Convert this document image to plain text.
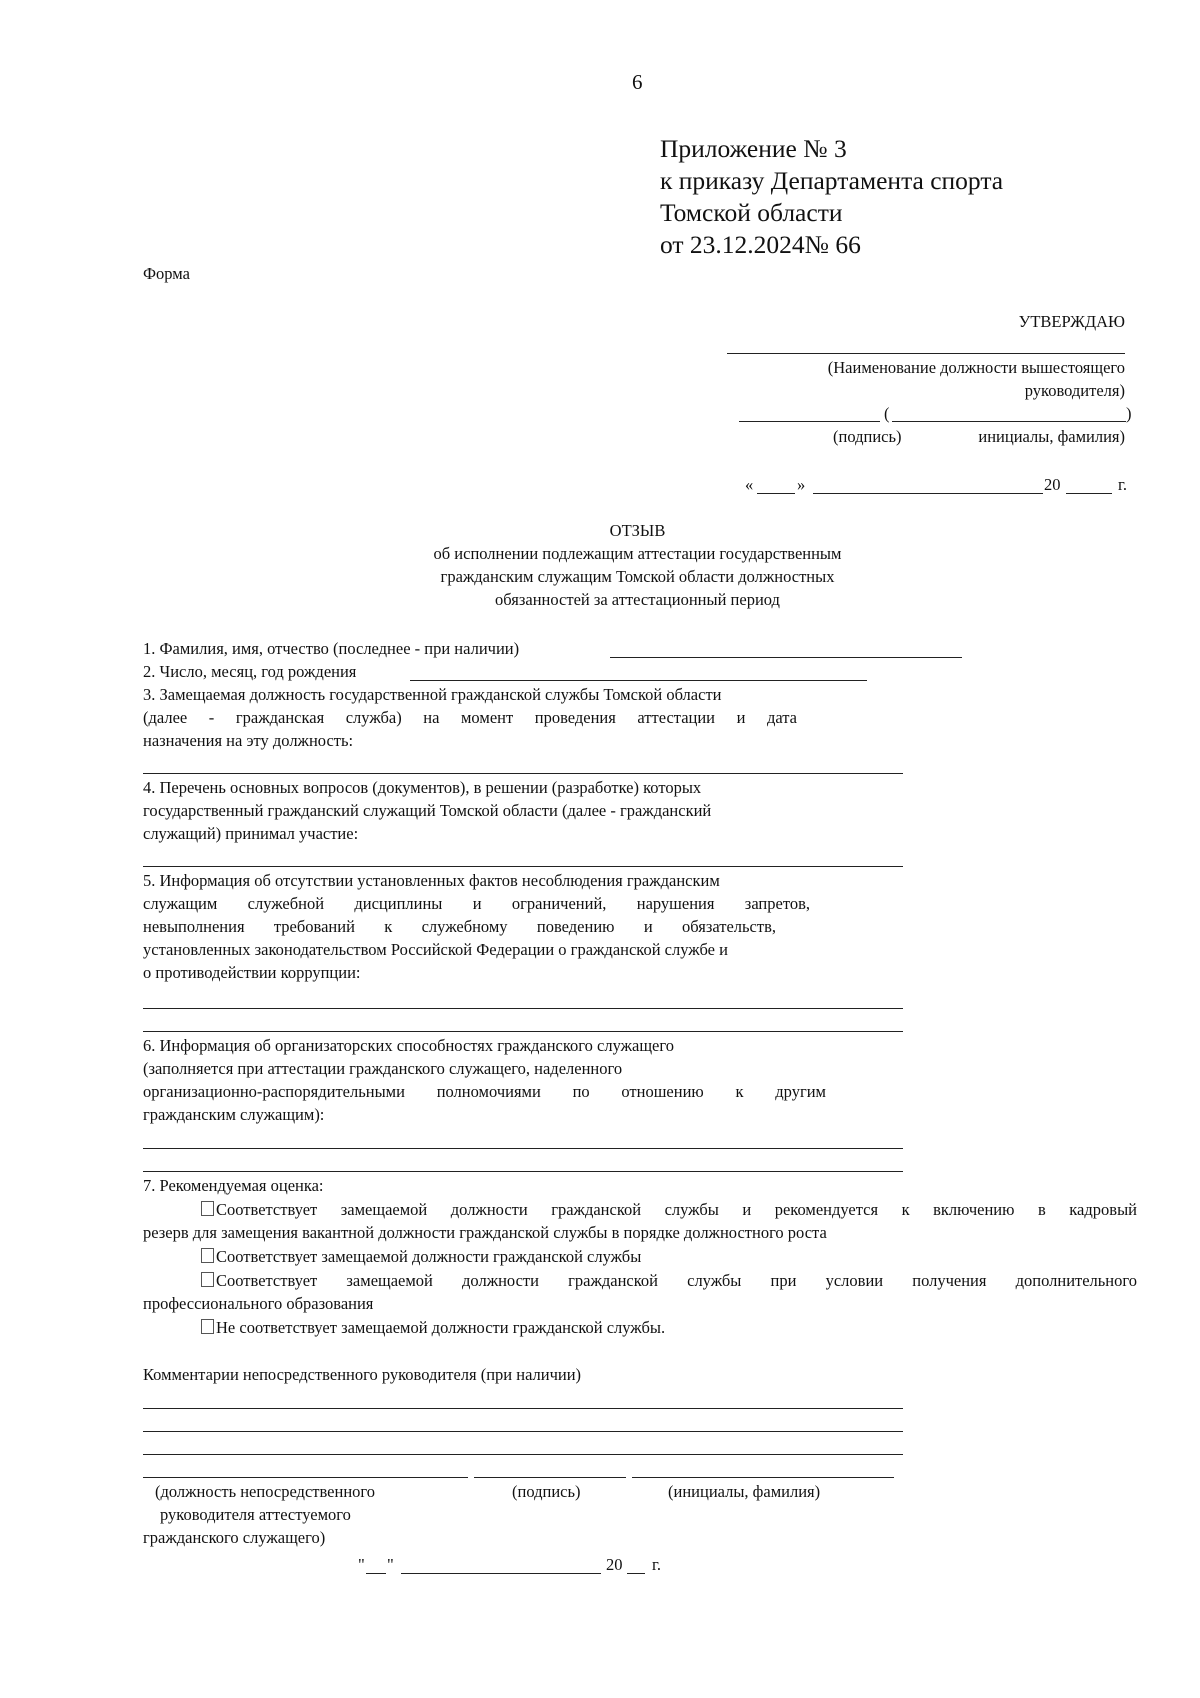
6
Приложение № 3
к приказу Департамента спорта
Томской области
от 23.12.2024№ 66
Форма
УТВЕРЖДАЮ
(Наименование должности вышестоящего
руководителя)
(	)
(подпись)	инициалы, фамилия)
«	»	20	г.
ОТЗЫВ
об исполнении подлежащим аттестации государственным
гражданским служащим Томской области должностных
обязанностей за аттестационный период
1. Фамилия, имя, отчество (последнее - при наличии)
2. Число, месяц, год рождения
3. Замещаемая должность государственной гражданской службы Томской области
(далее - гражданская служба) на момент проведения аттестации и дата
назначения на эту должность:
4. Перечень основных вопросов (документов), в решении (разработке) которых
государственный гражданский служащий Томской области (далее - гражданский
служащий) принимал участие:
5. Информация об отсутствии установленных фактов несоблюдения гражданским
служащим служебной дисциплины и ограничений, нарушения запретов,
невыполнения требований к служебному поведению и обязательств,
установленных законодательством Российской Федерации о гражданской службе и
о противодействии коррупции:
6. Информация об организаторских способностях гражданского служащего
(заполняется при аттестации гражданского служащего, наделенного
организационно-распорядительными полномочиями по отношению к другим
гражданским служащим):
7. Рекомендуемая оценка:
Соответствует замещаемой должности гражданской службы и рекомендуется к включению в кадровый
резерв для замещения вакантной должности гражданской службы в порядке должностного роста
Соответствует замещаемой должности гражданской службы
Соответствует замещаемой должности гражданской службы при условии получения дополнительного
профессионального образования
Не соответствует замещаемой должности гражданской службы.
Комментарии непосредственного руководителя (при наличии)
(должность непосредственного
руководителя аттестуемого
гражданского служащего)
(подпись)	(инициалы, фамилия)
" "	20 г.
